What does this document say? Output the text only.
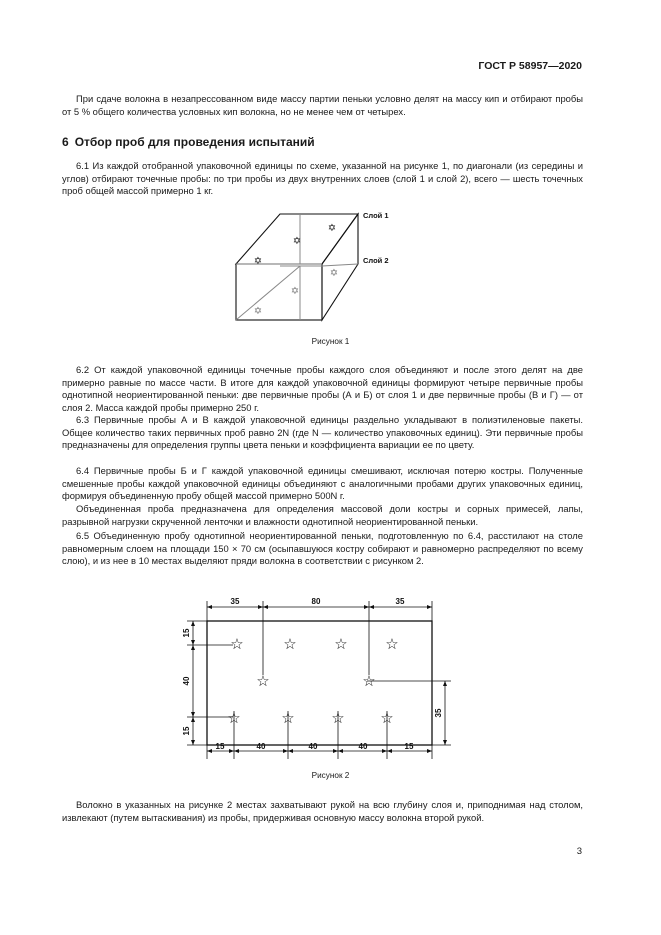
ГОСТ Р 58957—2020

При сдаче волокна в незапрессованном виде массу партии пеньки условно делят на массу кип и отбирают пробы от 5 % общего количества условных кип волокна, но не менее чем от четырех.

6 Отбор проб для проведения испытаний

6.1 Из каждой отобранной упаковочной единицы по схеме, указанной на рисунке 1, по диагонали (из середины и углов) отбирают точечные пробы: по три пробы из двух внутренних слоев (слой 1 и слой 2), всего — шесть точечных проб общей массой примерно 1 кг.

✡
✡
✡
✡
✡
✡
Слой 1
Слой 2
Рисунок 1

6.2 От каждой упаковочной единицы точечные пробы каждого слоя объединяют и после этого делят на две примерно равные по массе части. В итоге для каждой упаковочной единицы формируют четыре первичные пробы однотипной неориентированной пеньки: две первичные пробы (А и Б) от слоя 1 и две первичные пробы (В и Г) — от слоя 2. Масса каждой пробы примерно 250 г.

6.3 Первичные пробы А и В каждой упаковочной единицы раздельно укладывают в полиэтиленовые пакеты. Общее количество таких первичных проб равно 2N (где N — количество упаковочных единиц). Эти первичные пробы предназначены для определения группы цвета пеньки и коэффициента вариации ее по цвету.

6.4 Первичные пробы Б и Г каждой упаковочной единицы смешивают, исключая потерю костры. Полученные смешенные пробы каждой упаковочной единицы объединяют с аналогичными пробами других упаковочных единиц, формируя объединенную пробу общей массой примерно 500N г.

Объединенная проба предназначена для определения массовой доли костры и сорных примесей, лапы, разрывной нагрузки скрученной ленточки и влажности однотипной неориентированной пеньки.

6.5 Объединенную пробу однотипной неориентированной пеньки, подготовленную по 6.4, расстилают на столе равномерным слоем на площади 150 × 70 см (осыпавшуюся костру собирают и равномерно распределяют по всему слою), и из нее в 10 местах выделяют пряди волокна в соответствии с рисунком 2.

35	80	35
15	40	40	40	15
15
40
15
35
☆	☆	☆	☆
☆	☆
☆	☆ ☆ ☆
Рисунок 2

Волокно в указанных на рисунке 2 местах захватывают рукой на всю глубину слоя и, приподнимая над столом, извлекают (путем вытаскивания) из пробы, придерживая основную массу волокна второй рукой.

3
